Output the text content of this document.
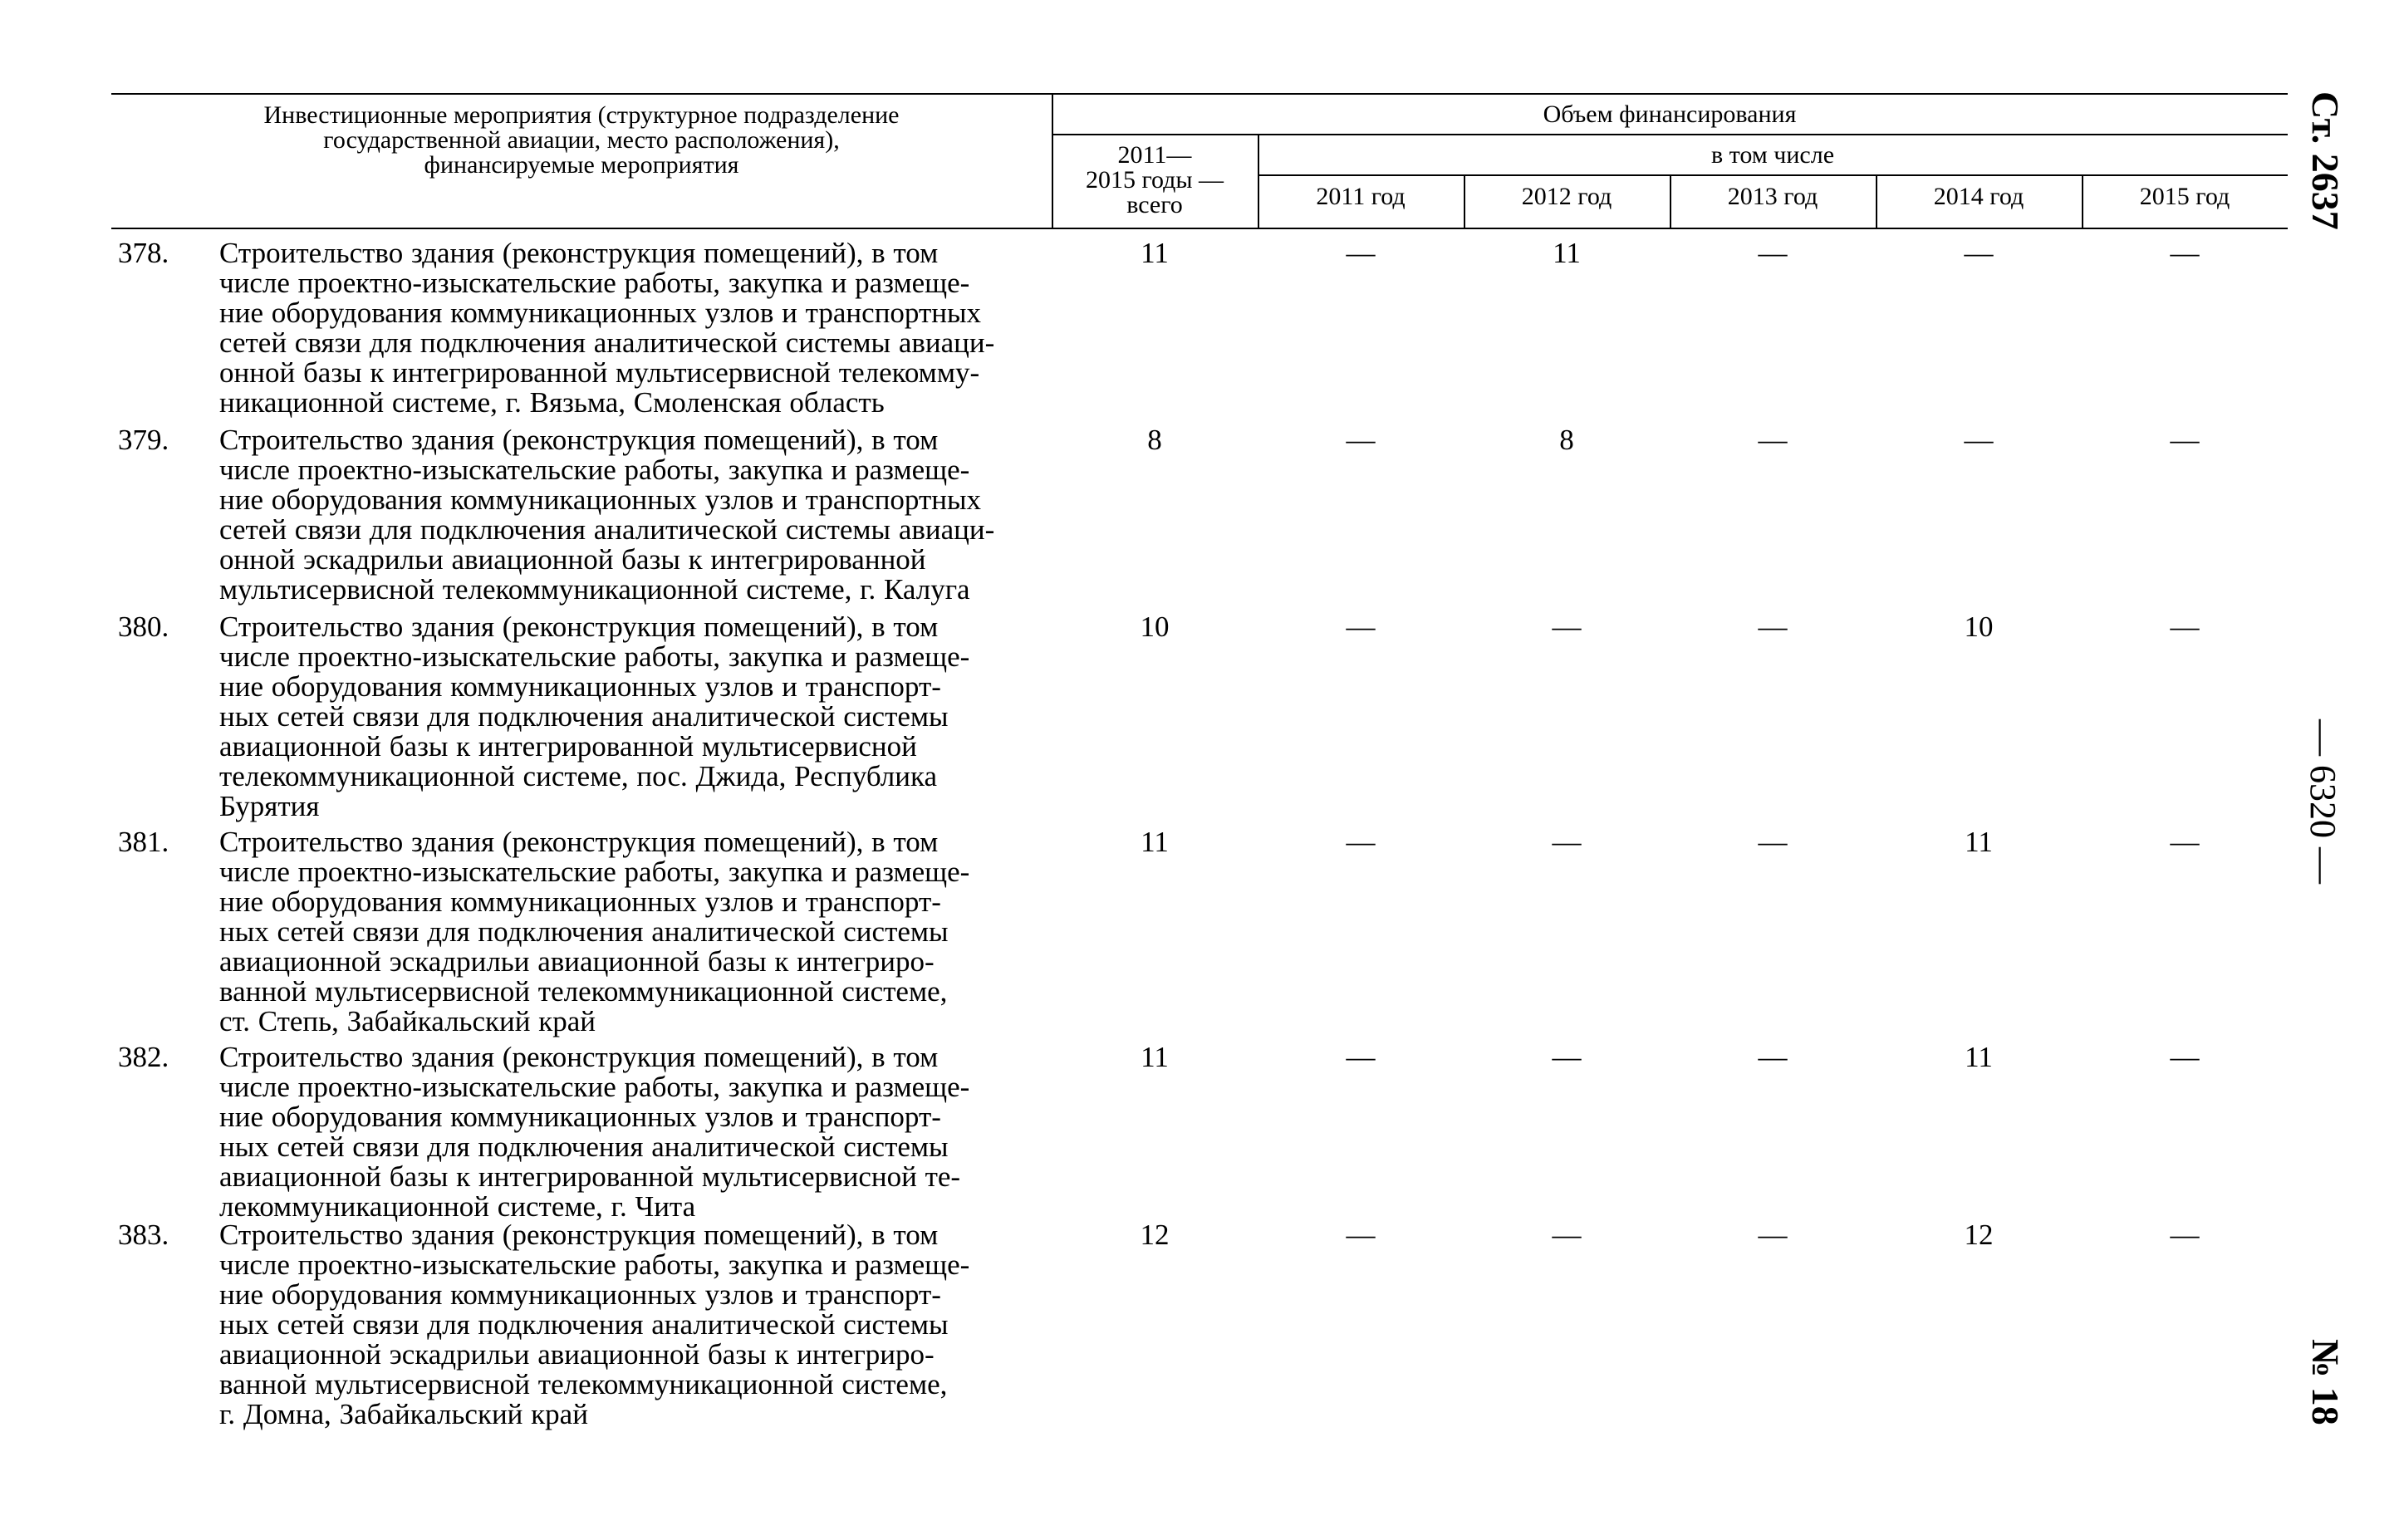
Инвестиционные мероприятия (структурное подразделение
государственной авиации, место расположения),
финансируемые мероприятия
Объем финансирования
2011—
2015 годы —
всего
в том числе
2011 год	2012 год	2013 год	2014 год	2015 год
378. Строительство здания (реконструкция помещений), в том
числе проектно-изыскательские работы, закупка и размеще-
ние оборудования коммуникационных узлов и транспортных
сетей связи для подключения аналитической системы авиаци-
онной базы к интегрированной мультисервисной телекомму-
никационной системе, г. Вязьма, Смоленская область
11	—	11	—	—	—
379. Строительство здания (реконструкция помещений), в том
числе проектно-изыскательские работы, закупка и размеще-
ние оборудования коммуникационных узлов и транспортных
сетей связи для подключения аналитической системы авиаци-
онной эскадрильи авиационной базы к интегрированной
мультисервисной телекоммуникационной системе, г. Калуга
8	—	8	—	—	—
380. Строительство здания (реконструкция помещений), в том
числе проектно-изыскательские работы, закупка и размеще-
ние оборудования коммуникационных узлов и транспорт-
ных сетей связи для подключения аналитической системы
авиационной базы к интегрированной мультисервисной
телекоммуникационной системе, пос. Джида, Республика
Бурятия
10	—	—	—	10	—
381. Строительство здания (реконструкция помещений), в том
числе проектно-изыскательские работы, закупка и размеще-
ние оборудования коммуникационных узлов и транспорт-
ных сетей связи для подключения аналитической системы
авиационной эскадрильи авиационной базы к интегриро-
ванной мультисервисной телекоммуникационной системе,
ст. Степь, Забайкальский край
11	—	—	—	11	—
382. Строительство здания (реконструкция помещений), в том
числе проектно-изыскательские работы, закупка и размеще-
ние оборудования коммуникационных узлов и транспорт-
ных сетей связи для подключения аналитической системы
авиационной базы к интегрированной мультисервисной те-
лекоммуникационной системе, г. Чита
11	—	—	—	11	—
383. Строительство здания (реконструкция помещений), в том
числе проектно-изыскательские работы, закупка и размеще-
ние оборудования коммуникационных узлов и транспорт-
ных сетей связи для подключения аналитической системы
авиационной эскадрильи авиационной базы к интегриро-
ванной мультисервисной телекоммуникационной системе,
г. Домна, Забайкальский край
12	—	—	—	12	—
Ст. 2637
— 6320 —
№ 18
